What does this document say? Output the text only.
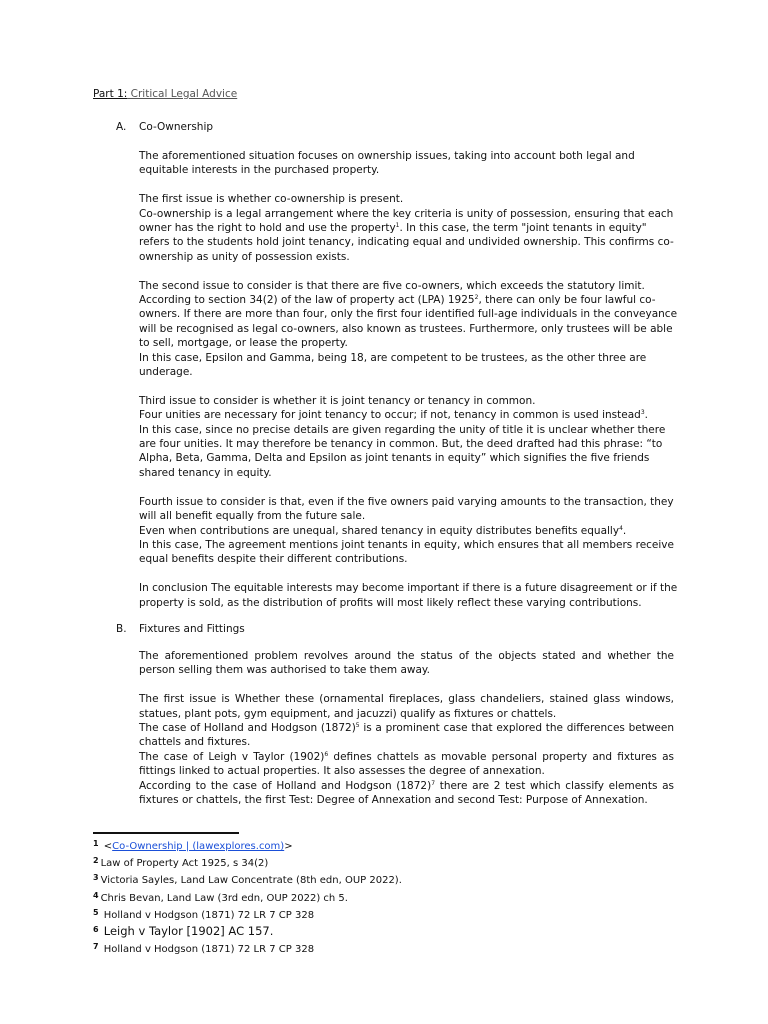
Part 1: Critical Legal Advice
A. Co-Ownership

The aforementioned situation focuses on ownership issues, taking into account both legal and equitable interests in the purchased property.

The first issue is whether co-ownership is present.

Co-ownership is a legal arrangement where the key criteria is unity of possession, ensuring that each owner has the right to hold and use the property$^1$. In this case, the term "joint tenants in equity" refers to the students hold joint tenancy, indicating equal and undivided ownership. This confirms co-ownership as unity of possession exists.

The second issue to consider is that there are five co-owners, which exceeds the statutory limit.

According to section 34(2) of the law of property act (LPA) 1925$^2$, there can only be four lawful co-owners. If there are more than four, only the first four identified full-age individuals in the conveyance will be recognised as legal co-owners, also known as trustees. Furthermore, only trustees will be able to sell, mortgage, or lease the property.

In this case, Epsilon and Gamma, being 18, are competent to be trustees, as the other three are underage.

Third issue to consider is whether it is joint tenancy or tenancy in common.

Four unities are necessary for joint tenancy to occur; if not, tenancy in common is used instead$^3$.

In this case, since no precise details are given regarding the unity of title it is unclear whether there are four unities. It may therefore be tenancy in common. But, the deed drafted had this phrase: “to Alpha, Beta, Gamma, Delta and Epsilon as joint tenants in equity” which signifies the five friends shared tenancy in equity.

Fourth issue to consider is that, even if the five owners paid varying amounts to the transaction, they will all benefit equally from the future sale.

Even when contributions are unequal, shared tenancy in equity distributes benefits equally$^4$.

In this case, The agreement mentions joint tenants in equity, which ensures that all members receive equal benefits despite their different contributions.

In conclusion The equitable interests may become important if there is a future disagreement or if the property is sold, as the distribution of profits will most likely reflect these varying contributions.

B. Fixtures and Fittings

The aforementioned problem revolves around the status of the objects stated and whether the person selling them was authorised to take them away.

The first issue is Whether these (ornamental fireplaces, glass chandeliers, stained glass windows, statues, plant pots, gym equipment, and jacuzzi) qualify as fixtures or chattels.

The case of Holland and Hodgson $(1872)^5$ is a prominent case that explored the differences between chattels and fixtures.

The case of Leigh v Taylor $(1902)^6$ defines chattels as movable personal property and fixtures as fittings linked to actual properties. It also assesses the degree of annexation.

According to the case of Holland and Hodgson $(1872)^7$ there are 2 test which classify elements as fixtures or chattels, the first Test: Degree of Annexation and second Test: Purpose of Annexation.

$^1$ <Co-Ownership | (lawexplores.com)>
$^2$ Law of Property Act 1925, s 34(2)
$^3$ Victoria Sayles, Land Law Concentrate (8th edn, OUP 2022).
$^4$ Chris Bevan, Land Law (3rd edn, OUP 2022) ch 5.
$^5$ Holland v Hodgson (1871) 72 LR 7 CP 328
$^6$ Leigh v Taylor [1902] AC 157.
$^7$ Holland v Hodgson (1871) 72 LR 7 CP 328
